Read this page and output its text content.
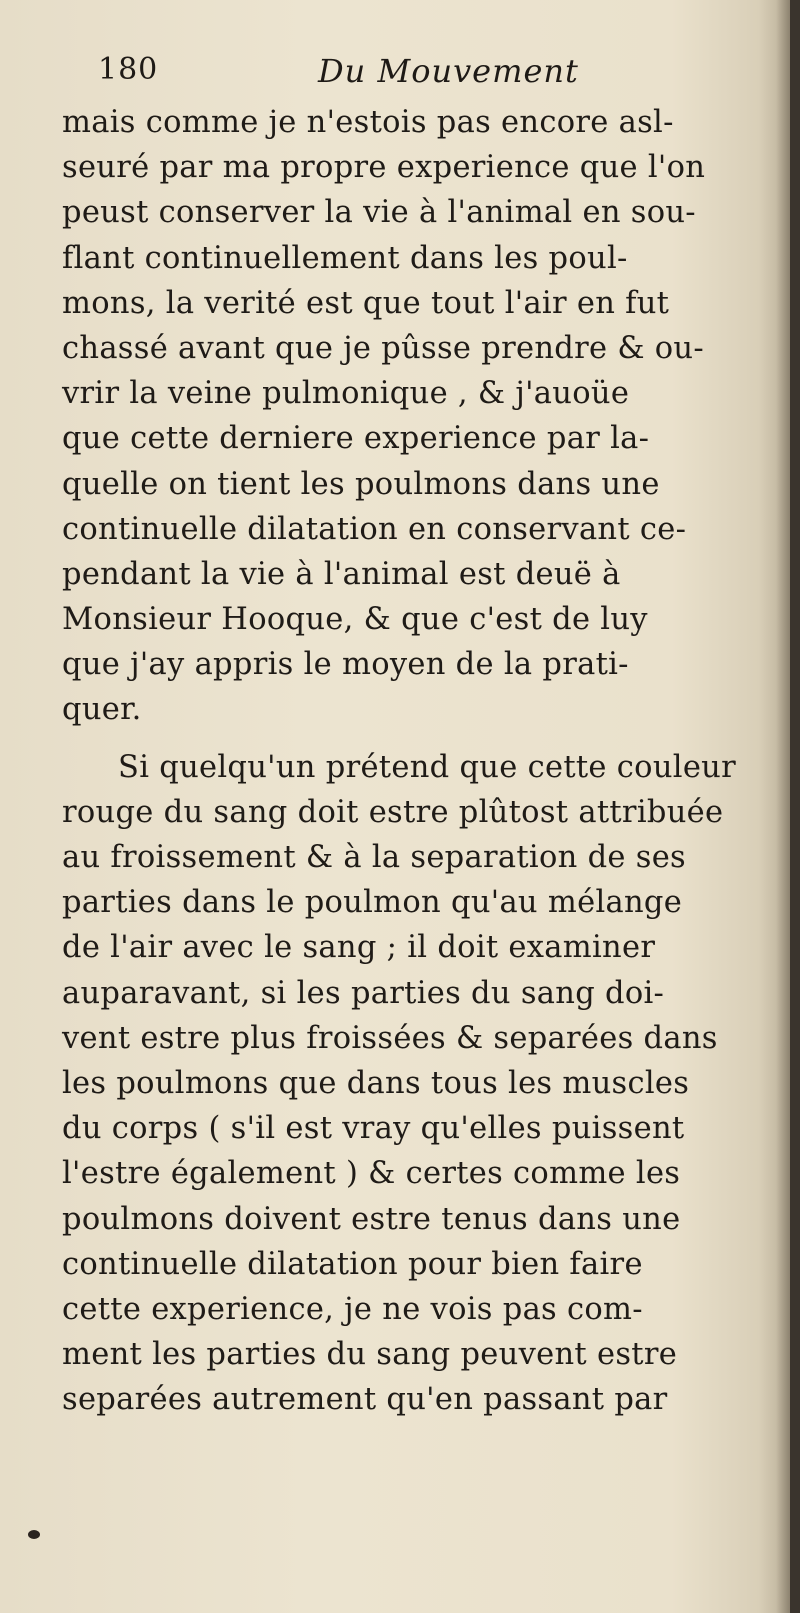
180	Du Mouvement
mais comme je n'estois pas encore asl-
seuré par ma propre experience que l'on
peust conserver la vie à l'animal en sou-
flant continuellement dans les poul-
mons, la verité est que tout l'air en fut
chassé avant que je pûsse prendre & ou-
vrir la veine pulmonique , & j'auoüe
que cette derniere experience par la-
quelle on tient les poulmons dans une
continuelle dilatation en conservant ce-
pendant la vie à l'animal est deuë à
Monsieur Hooque, & que c'est de luy
que j'ay appris le moyen de la prati-
quer.
Si quelqu'un prétend que cette couleur
rouge du sang doit estre plûtost attribuée
au froissement & à la separation de ses
parties dans le poulmon qu'au mélange
de l'air avec le sang ; il doit examiner
auparavant, si les parties du sang doi-
vent estre plus froissées & separées dans
les poulmons que dans tous les muscles
du corps ( s'il est vray qu'elles puissent
l'estre également ) & certes comme les
poulmons doivent estre tenus dans une
continuelle dilatation pour bien faire
cette experience, je ne vois pas com-
ment les parties du sang peuvent estre
separées autrement qu'en passant par
